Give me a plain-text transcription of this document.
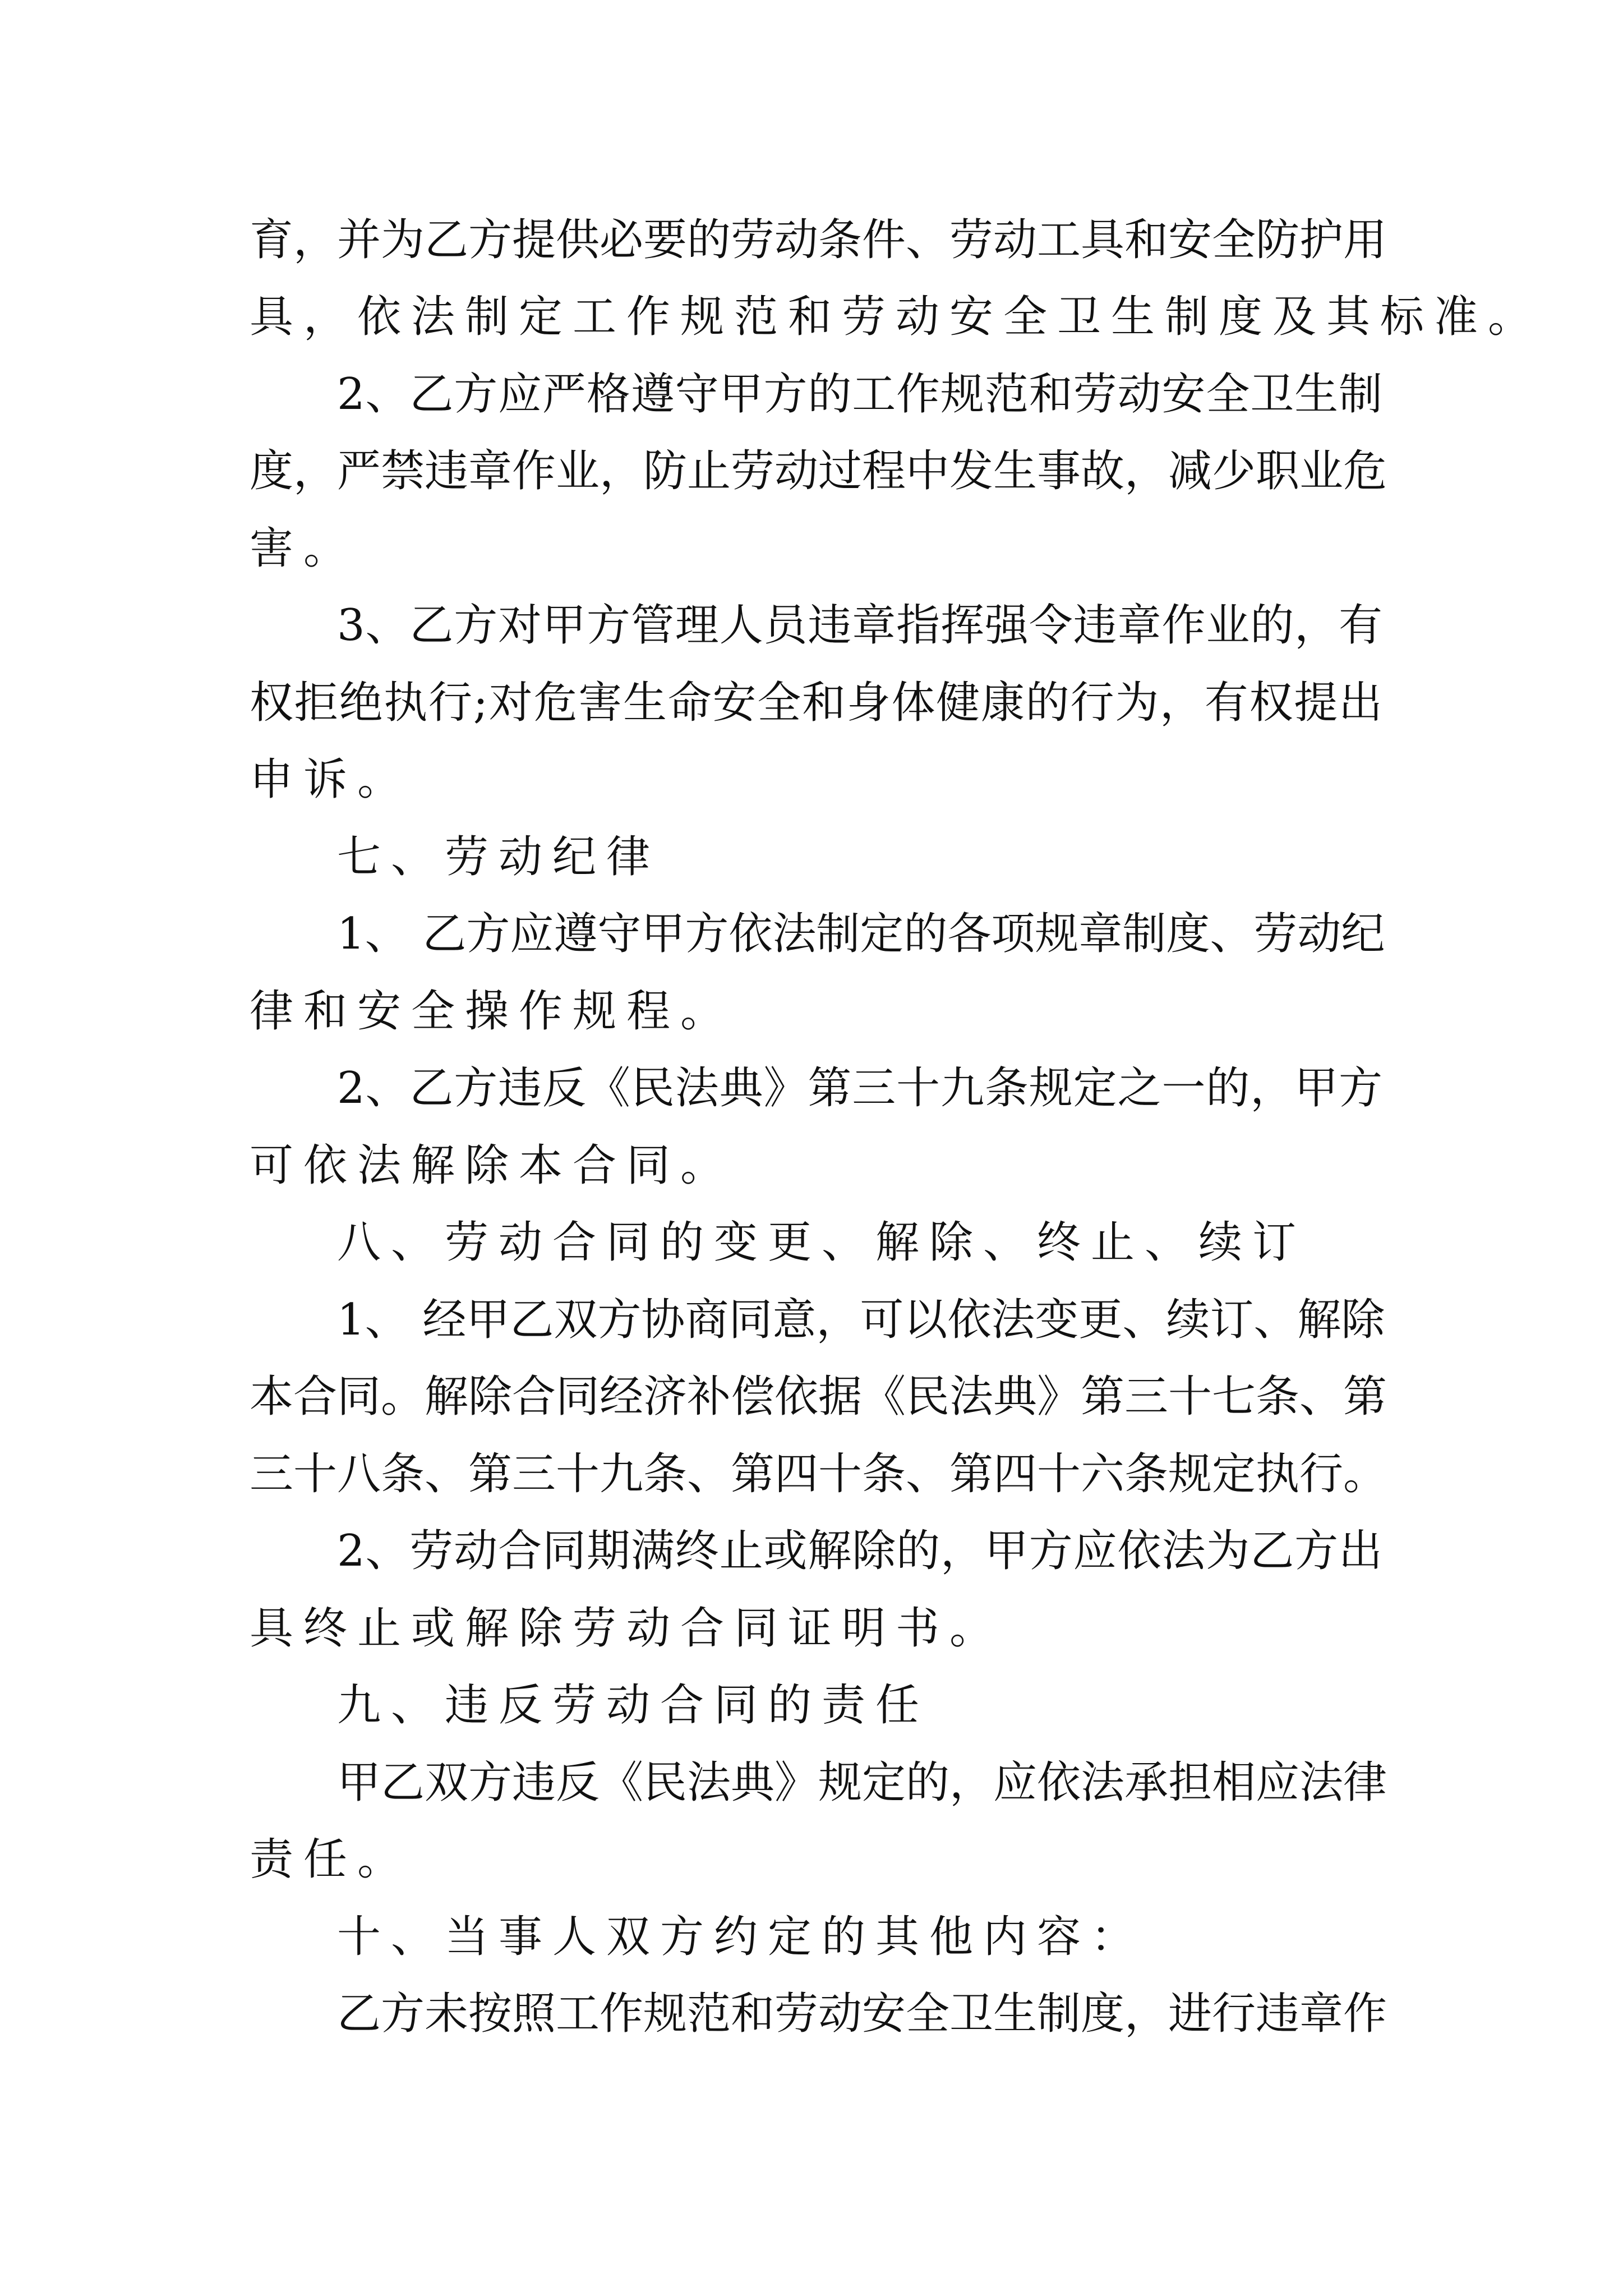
育，并为乙方提供必要的劳动条件、劳动工具和安全防护用
具，依法制定工作规范和劳动安全卫生制度及其标准。
2、乙方应严格遵守甲方的工作规范和劳动安全卫生制
度，严禁违章作业，防止劳动过程中发生事故，减少职业危
害。
3、乙方对甲方管理人员违章指挥强令违章作业的，有
权拒绝执行;对危害生命安全和身体健康的行为，有权提出
申诉。
七、劳动纪律
1、 乙方应遵守甲方依法制定的各项规章制度、劳动纪
律和安全操作规程。
2、乙方违反《民法典》第三十九条规定之一的，甲方
可依法解除本合同。
八、劳动合同的变更、解除、终止、续订
1、 经甲乙双方协商同意，可以依法变更、续订、解除
本合同。解除合同经济补偿依据《民法典》第三十七条、第
三十八条、第三十九条、第四十条、第四十六条规定执行。
2、劳动合同期满终止或解除的，甲方应依法为乙方出
具终止或解除劳动合同证明书。
九、违反劳动合同的责任
甲乙双方违反《民法典》规定的，应依法承担相应法律
责任。
十、当事人双方约定的其他内容：
乙方未按照工作规范和劳动安全卫生制度，进行违章作
